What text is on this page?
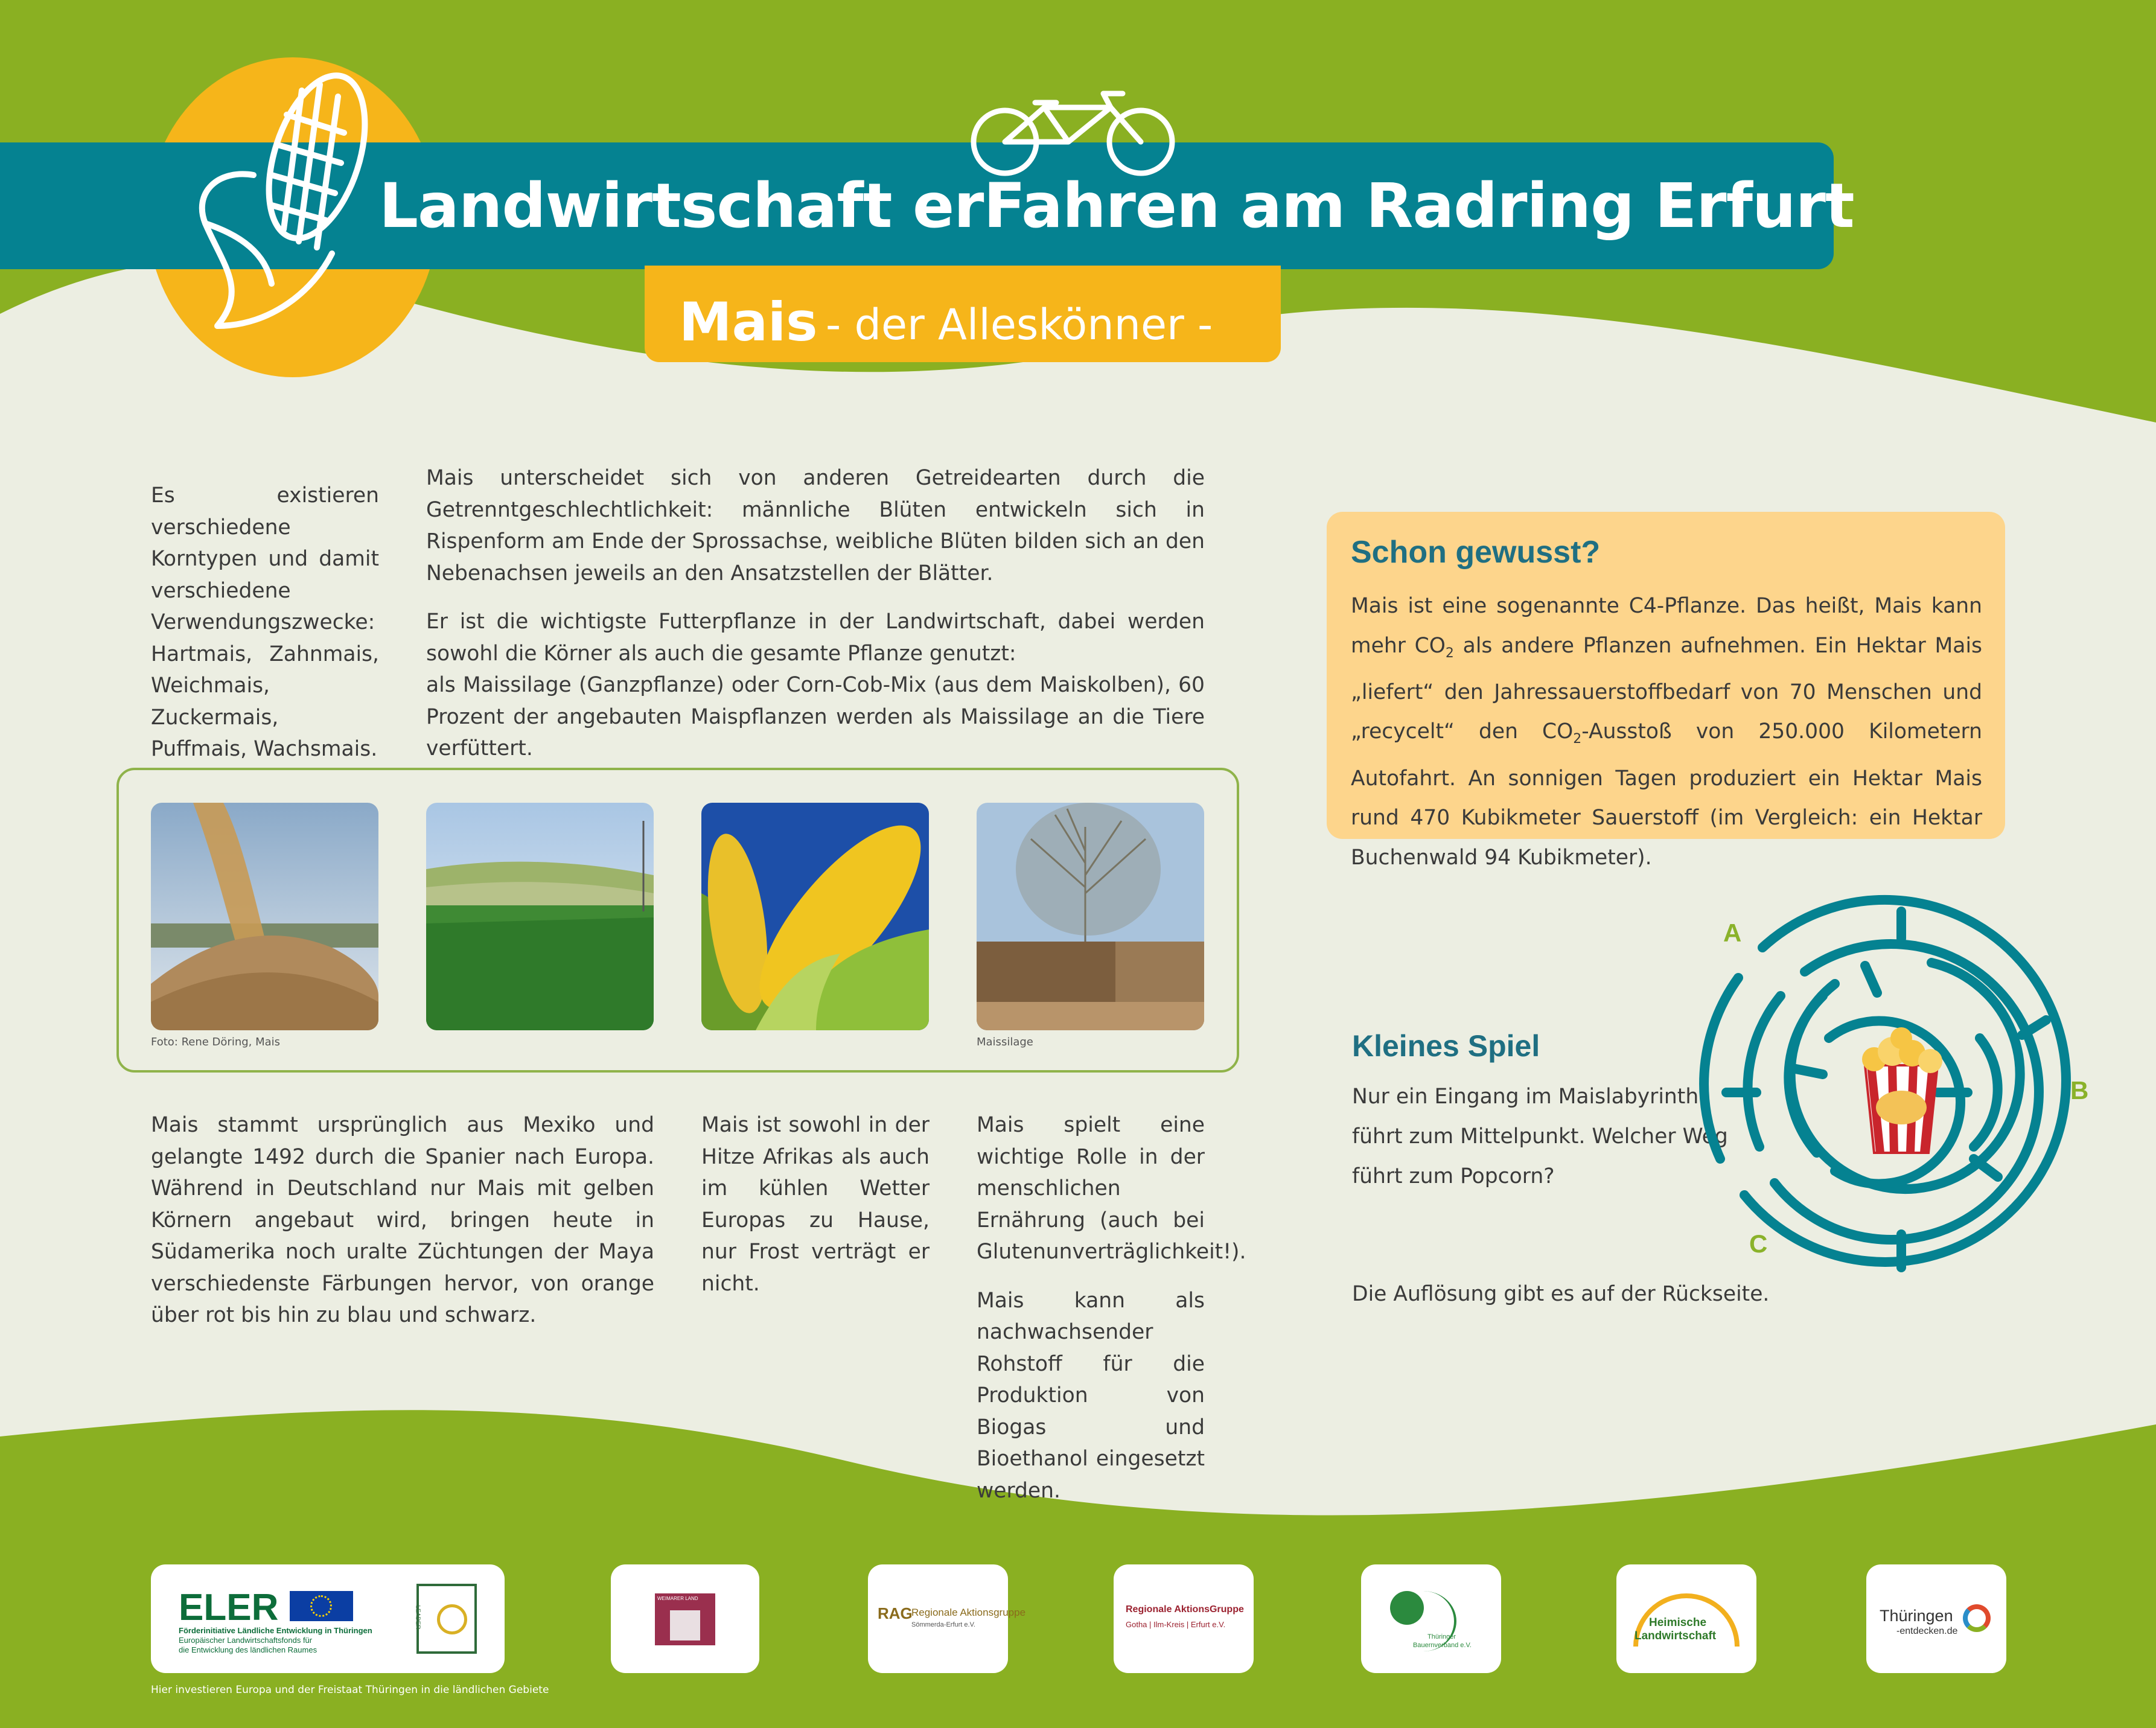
Landwirtschaft erFahren am Radring Erfurt
Mais - der Alleskönner -
Es existieren verschiedene Korntypen und damit verschiedene Verwendungszwecke: Hartmais, Zahnmais, Weichmais, Zuckermais, Puffmais, Wachsmais.

Mais unterscheidet sich von anderen Getreidearten durch die Getrenntgeschlechtlichkeit: männliche Blüten entwickeln sich in Rispenform am Ende der Sprossachse, weibliche Blüten bilden sich an den Nebenachsen jeweils an den Ansatzstellen der Blätter.

Er ist die wichtigste Futterpflanze in der Landwirtschaft, dabei werden sowohl die Körner als auch die gesamte Pflanze genutzt:

als Maissilage (Ganzpflanze) oder Corn-Cob-Mix (aus dem Maiskolben), 60 Prozent der angebauten Maispflanzen werden als Maissilage an die Tiere verfüttert.

Foto: Rene Döring, Mais	Maissilage
Mais stammt ursprünglich aus Mexiko und gelangte 1492 durch die Spanier nach Europa. Während in Deutschland nur Mais mit gelben Körnern angebaut wird, bringen heute in Südamerika noch uralte Züchtungen der Maya verschiedenste Färbungen hervor, von orange über rot bis hin zu blau und schwarz.
Mais ist sowohl in der Hitze Afrikas als auch im kühlen Wetter Europas zu Hause, nur Frost verträgt er nicht.

Mais spielt eine wichtige Rolle in der menschlichen Ernährung (auch bei Glutenunverträglichkeit!).

Mais kann als nachwachsender Rohstoff für die Produktion von Biogas und Bioethanol eingesetzt werden.

Schon gewusst?
Mais ist eine sogenannte C4-Pflanze. Das heißt, Mais kann mehr $CO_2$ als andere Pflanzen aufnehmen. Ein Hektar Mais „liefert“ den Jahressauerstoffbedarf von 70 Menschen und „recycelt“ den $CO_2$-Ausstoß von 250.000 Kilometern Autofahrt. An sonnigen Tagen produziert ein Hektar Mais rund 470 Kubikmeter Sauerstoff (im Vergleich: ein Hektar Buchenwald 94 Kubikmeter).
Kleines Spiel
Nur ein Eingang im Maislabyrinth führt zum Mittelpunkt. Welcher Weg führt zum Popcorn?
Die Auflösung gibt es auf der Rückseite.
A
B
C
ELER
Förderinitiative Ländliche Entwicklung in Thüringen
Europäischer Landwirtschaftsfonds für
die Entwicklung des ländlichen Raumes
LEADER
WEIMARER LAND
RAG
Regionale Aktionsgruppe
Sömmerda-Erfurt e.V.
Regionale AktionsGruppe
Gotha | Ilm-Kreis | Erfurt e.V.
Thüringer
Bauernverband e.V.
Heimische
Landwirtschaft
Thüringen
-entdecken.de
Hier investieren Europa und der Freistaat Thüringen in die ländlichen Gebiete
